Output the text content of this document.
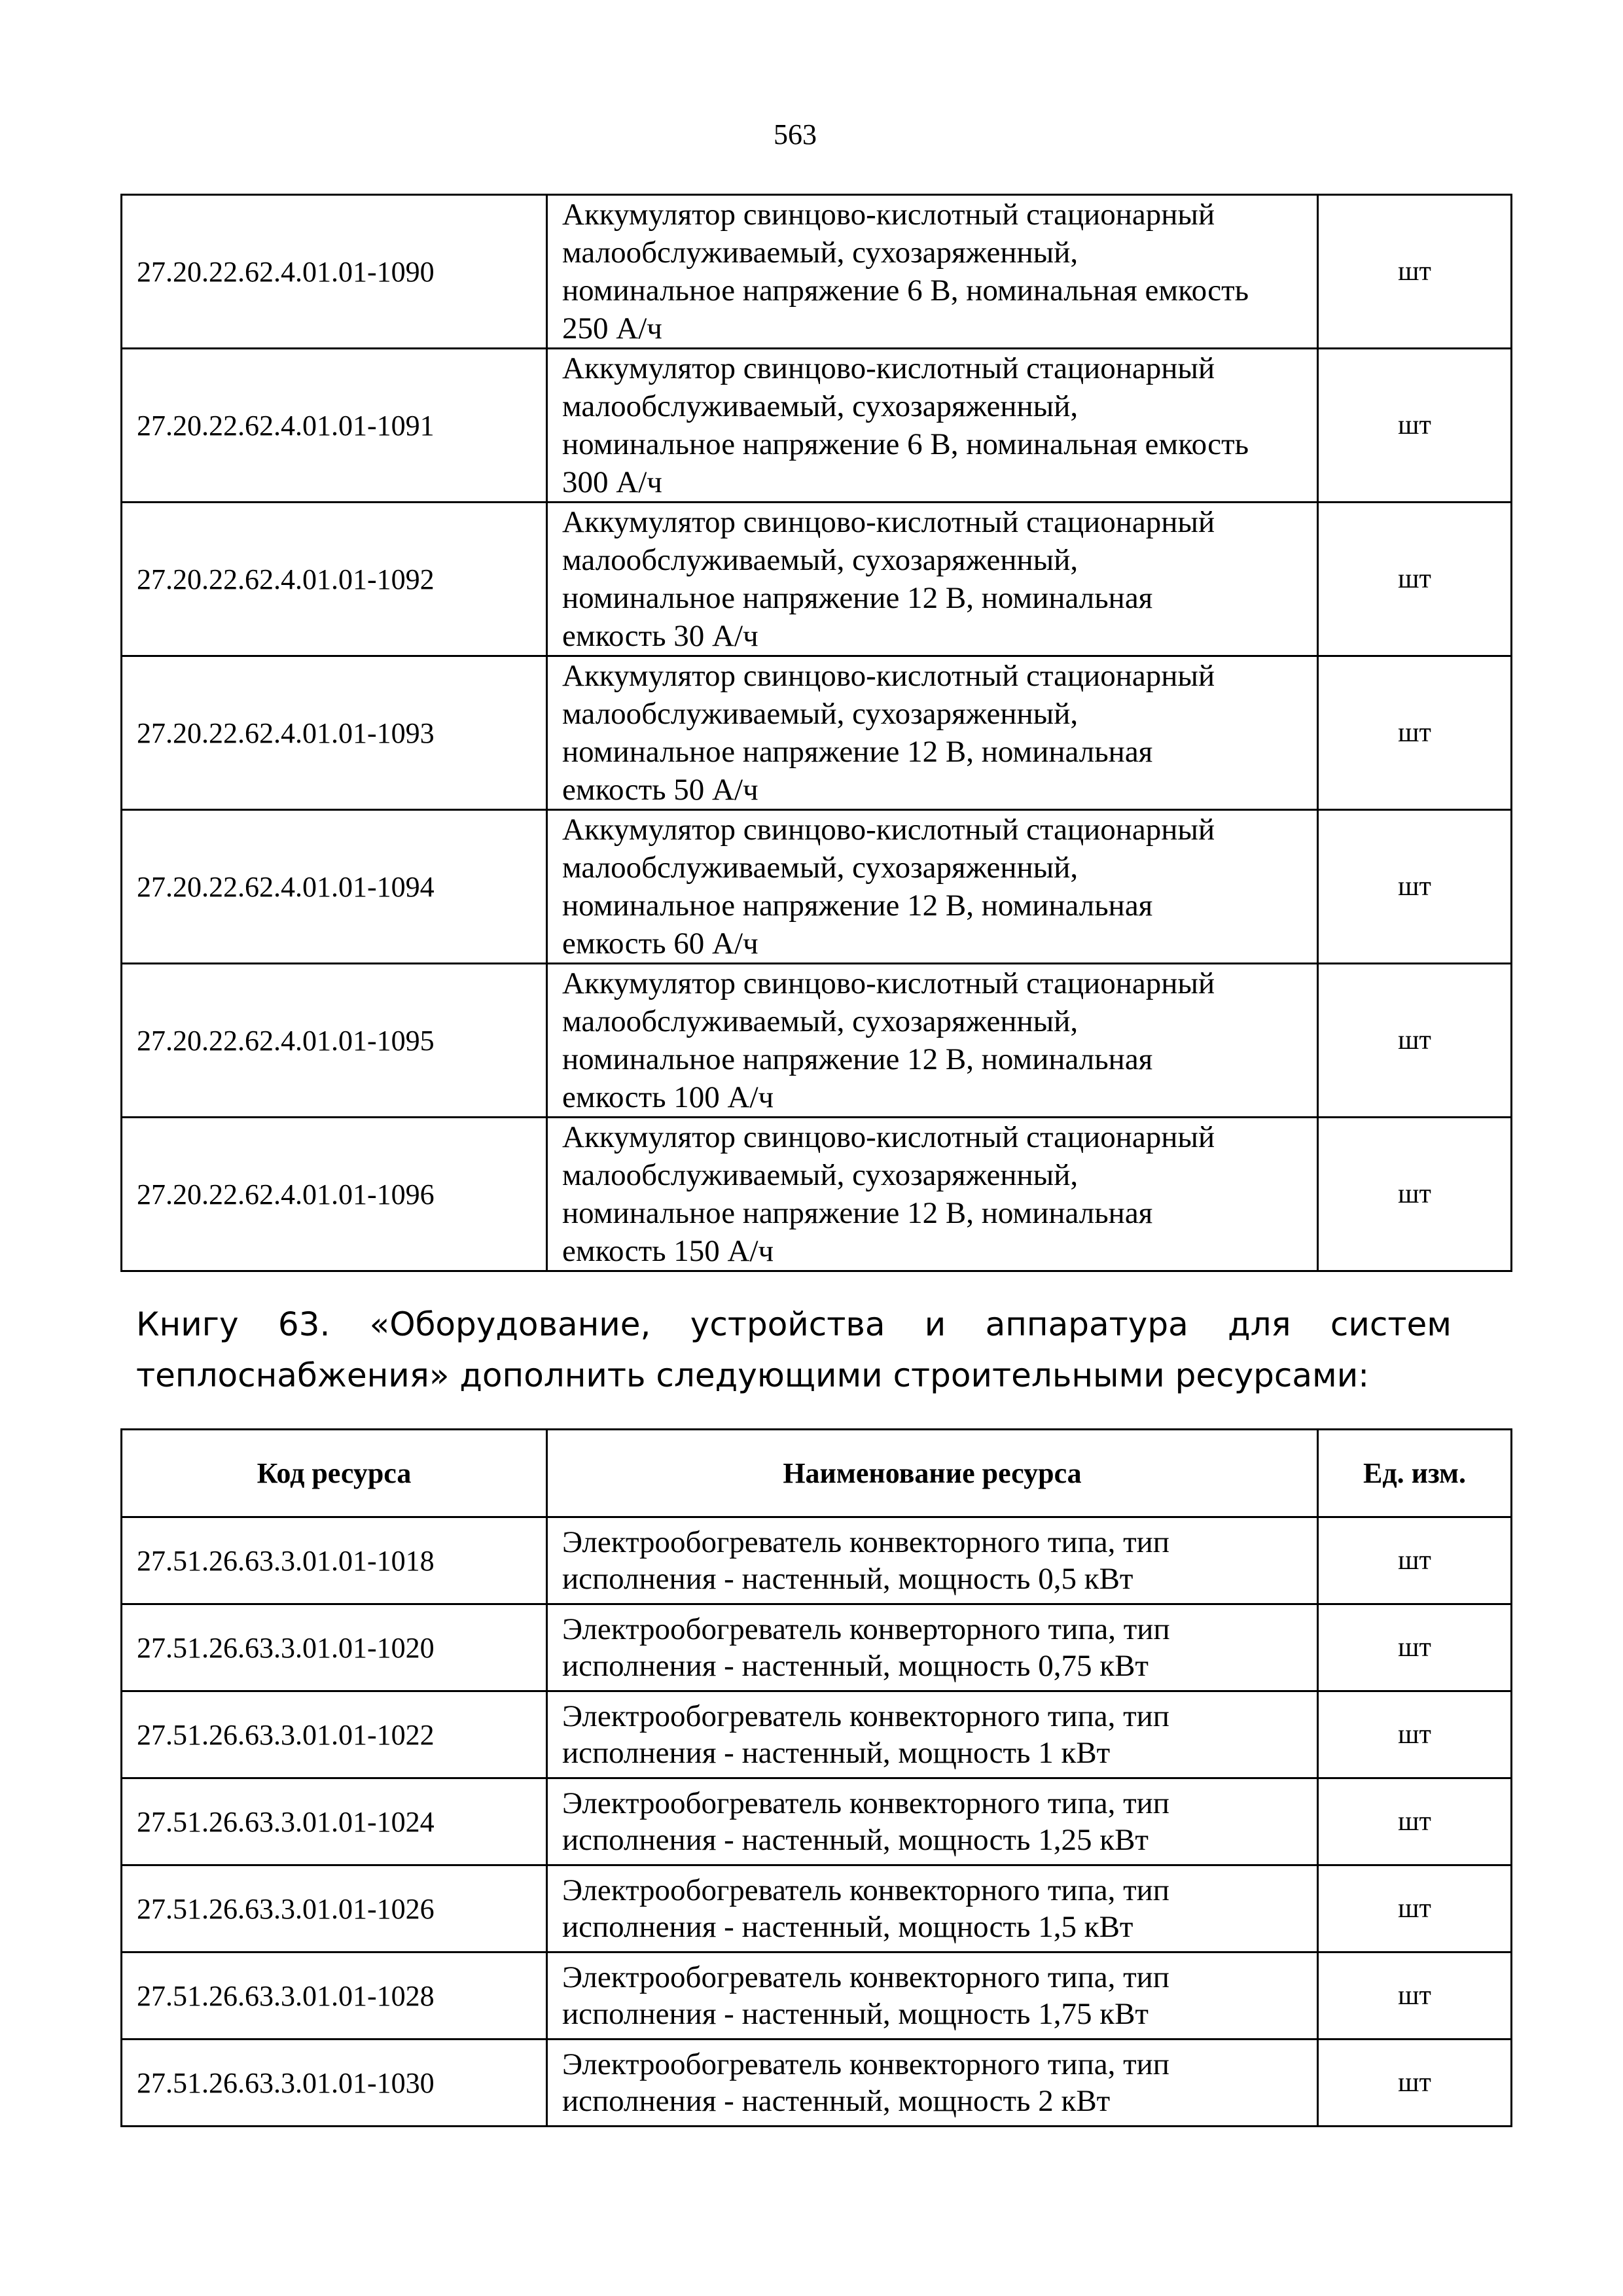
563
27.20.22.62.4.01.01-1090	Аккумулятор свинцово-кислотный стационарный
малообслуживаемый, сухозаряженный,
номинальное напряжение 6 В, номинальная емкость
250 А/ч	шт
27.20.22.62.4.01.01-1091	Аккумулятор свинцово-кислотный стационарный
малообслуживаемый, сухозаряженный,
номинальное напряжение 6 В, номинальная емкость
300 А/ч	шт
27.20.22.62.4.01.01-1092	Аккумулятор свинцово-кислотный стационарный
малообслуживаемый, сухозаряженный,
номинальное напряжение 12 В, номинальная
емкость 30 А/ч	шт
27.20.22.62.4.01.01-1093	Аккумулятор свинцово-кислотный стационарный
малообслуживаемый, сухозаряженный,
номинальное напряжение 12 В, номинальная
емкость 50 А/ч	шт
27.20.22.62.4.01.01-1094	Аккумулятор свинцово-кислотный стационарный
малообслуживаемый, сухозаряженный,
номинальное напряжение 12 В, номинальная
емкость 60 А/ч	шт
27.20.22.62.4.01.01-1095	Аккумулятор свинцово-кислотный стационарный
малообслуживаемый, сухозаряженный,
номинальное напряжение 12 В, номинальная
емкость 100 А/ч	шт
27.20.22.62.4.01.01-1096	Аккумулятор свинцово-кислотный стационарный
малообслуживаемый, сухозаряженный,
номинальное напряжение 12 В, номинальная
емкость 150 А/ч	шт
Книгу 63. «Оборудование, устройства и аппаратура для систем
теплоснабжения» дополнить следующими строительными ресурсами:
Код ресурса	Наименование ресурса	Ед. изм.
27.51.26.63.3.01.01-1018	Электрообогреватель конвекторного типа, тип
исполнения - настенный, мощность 0,5 кВт	шт
27.51.26.63.3.01.01-1020	Электрообогреватель конверторного типа, тип
исполнения - настенный, мощность 0,75 кВт	шт
27.51.26.63.3.01.01-1022	Электрообогреватель конвекторного типа, тип
исполнения - настенный, мощность 1 кВт	шт
27.51.26.63.3.01.01-1024	Электрообогреватель конвекторного типа, тип
исполнения - настенный, мощность 1,25 кВт	шт
27.51.26.63.3.01.01-1026	Электрообогреватель конвекторного типа, тип
исполнения - настенный, мощность 1,5 кВт	шт
27.51.26.63.3.01.01-1028	Электрообогреватель конвекторного типа, тип
исполнения - настенный, мощность 1,75 кВт	шт
27.51.26.63.3.01.01-1030	Электрообогреватель конвекторного типа, тип
исполнения - настенный, мощность 2 кВт	шт
